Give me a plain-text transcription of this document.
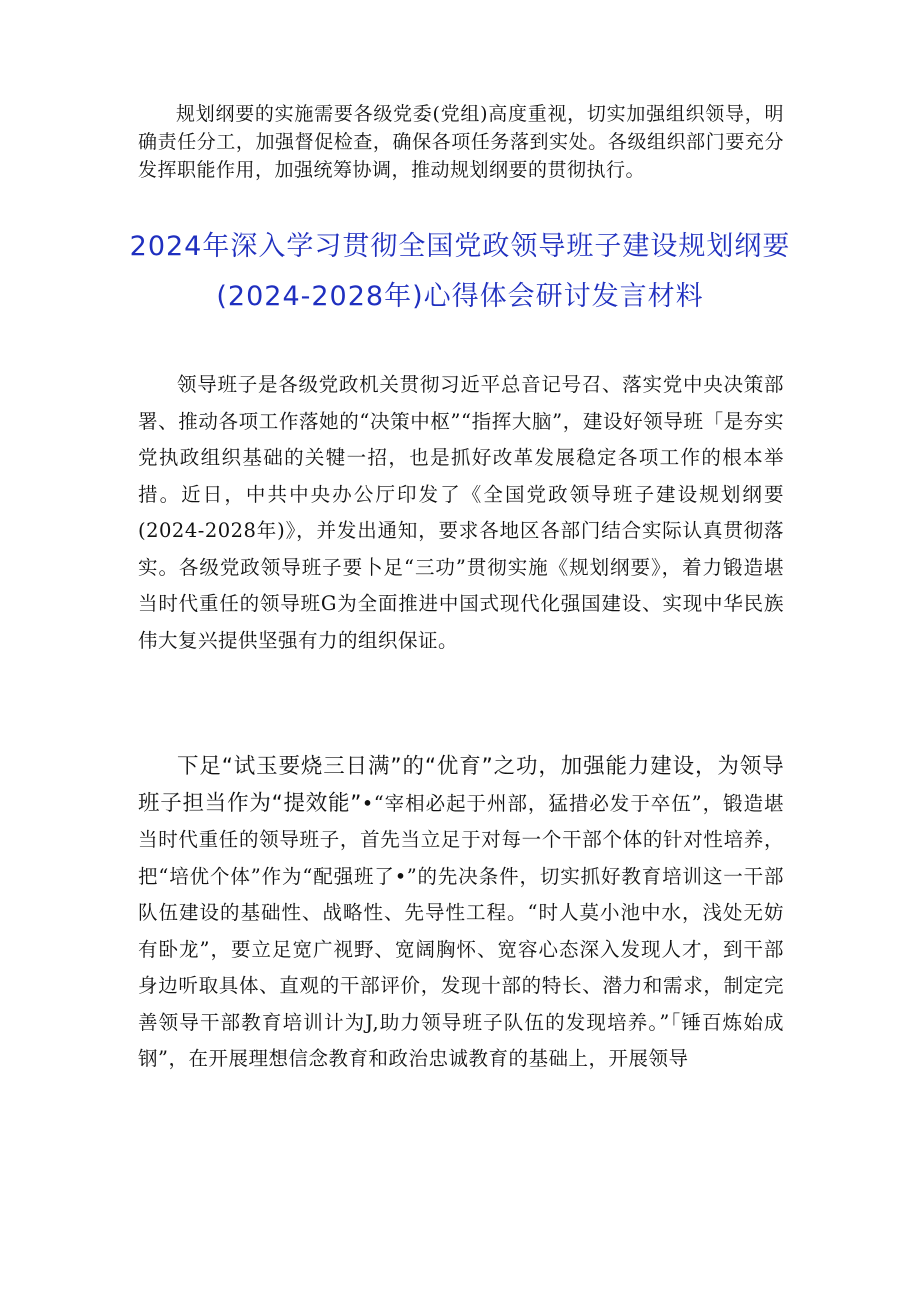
规划纲要的实施需要各级党委(党组)高度重视，切实加强组织领导，明确责任分工，加强督促检查，确保各项任务落到实处。各级组织部门要充分发挥职能作用，加强统筹协调，推动规划纲要的贯彻执行。

2024年深入学习贯彻全国党政领导班子建设规划纲要(2024-2028年)心得体会研讨发言材料

领导班子是各级党政机关贯彻习近平总音记号召、落实党中央决策部署、推动各项工作落她的“决策中枢”“指挥大脑”，建设好领导班「是夯实党执政组织基础的关犍一招，也是抓好改革发展稳定各项工作的根本举措。近日，中共中央办公厅印发了《全国党政领导班子建设规划纲要(2024-2028年)》，并发出通知，要求各地区各部门结合实际认真贯彻落实。各级党政领导班子要卜足“三功”贯彻实施《规划纲要》，着力锻造堪当时代重任的领导班G为全面推进中国式现代化强国建设、实现中华民族伟大复兴提供坚强有力的组织保证。

下足“试玉要烧三日满”的“优育”之功，加强能力建设，为领导班子担当作为“提效能”•“宰相必起于州部，猛措必发于卒伍”，锻造堪当时代重任的领导班子，首先当立足于对每一个干部个体的针对性培养，把“培优个体”作为“配强班了•”的先决条件，切实抓好教育培训这一干部队伍建设的基础性、战略性、先导性工程。“时人莫小池中水，浅处无妨有卧龙”，要立足宽广视野、宽阔胸怀、宽容心态深入发现人才，到干部身边听取具体、直观的干部评价，发现十部的特长、潜力和需求，制定完善领导干部教育培训计为J,助力领导班子队伍的发现培养。”「锤百炼始成钢”，在开展理想信念教育和政治忠诚教育的基础上，开展领导
